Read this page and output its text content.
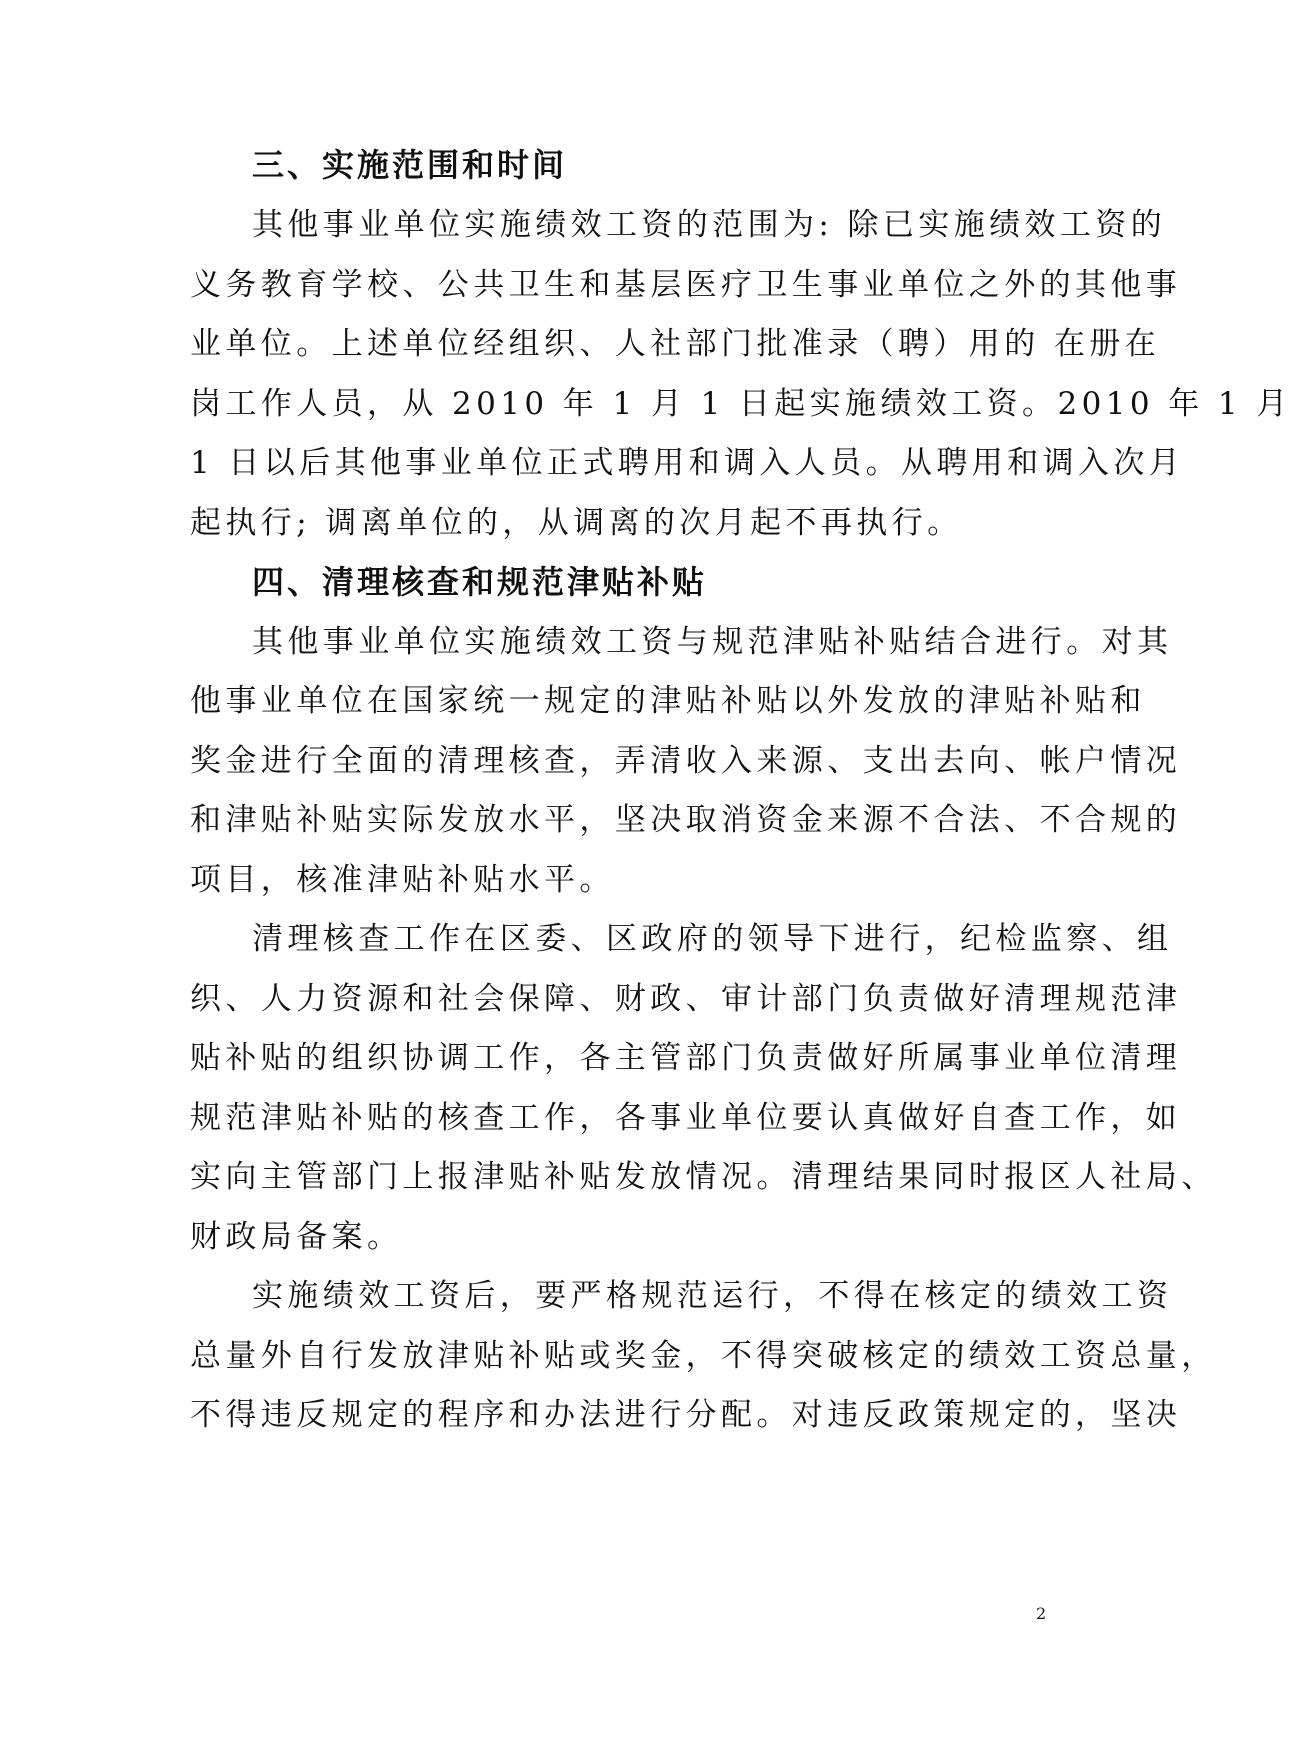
三、实施范围和时间
其他事业单位实施绩效工资的范围为: 除已实施绩效工资的
义务教育学校、公共卫生和基层医疗卫生事业单位之外的其他事
业单位。上述单位经组织、人社部门批准录（聘）用的 在册在
岗工作人员，从 2010 年 1 月 1 日起实施绩效工资。2010 年 1 月
1 日以后其他事业单位正式聘用和调入人员。从聘用和调入次月
起执行; 调离单位的，从调离的次月起不再执行。
四、清理核查和规范津贴补贴
其他事业单位实施绩效工资与规范津贴补贴结合进行。对其
他事业单位在国家统一规定的津贴补贴以外发放的津贴补贴和
奖金进行全面的清理核查，弄清收入来源、支出去向、帐户情况
和津贴补贴实际发放水平，坚决取消资金来源不合法、不合规的
项目，核准津贴补贴水平。
清理核查工作在区委、区政府的领导下进行，纪检监察、组
织、人力资源和社会保障、财政、审计部门负责做好清理规范津
贴补贴的组织协调工作，各主管部门负责做好所属事业单位清理
规范津贴补贴的核查工作，各事业单位要认真做好自查工作，如
实向主管部门上报津贴补贴发放情况。清理结果同时报区人社局、
财政局备案。
实施绩效工资后，要严格规范运行，不得在核定的绩效工资
总量外自行发放津贴补贴或奖金，不得突破核定的绩效工资总量，
不得违反规定的程序和办法进行分配。对违反政策规定的，坚决
2
